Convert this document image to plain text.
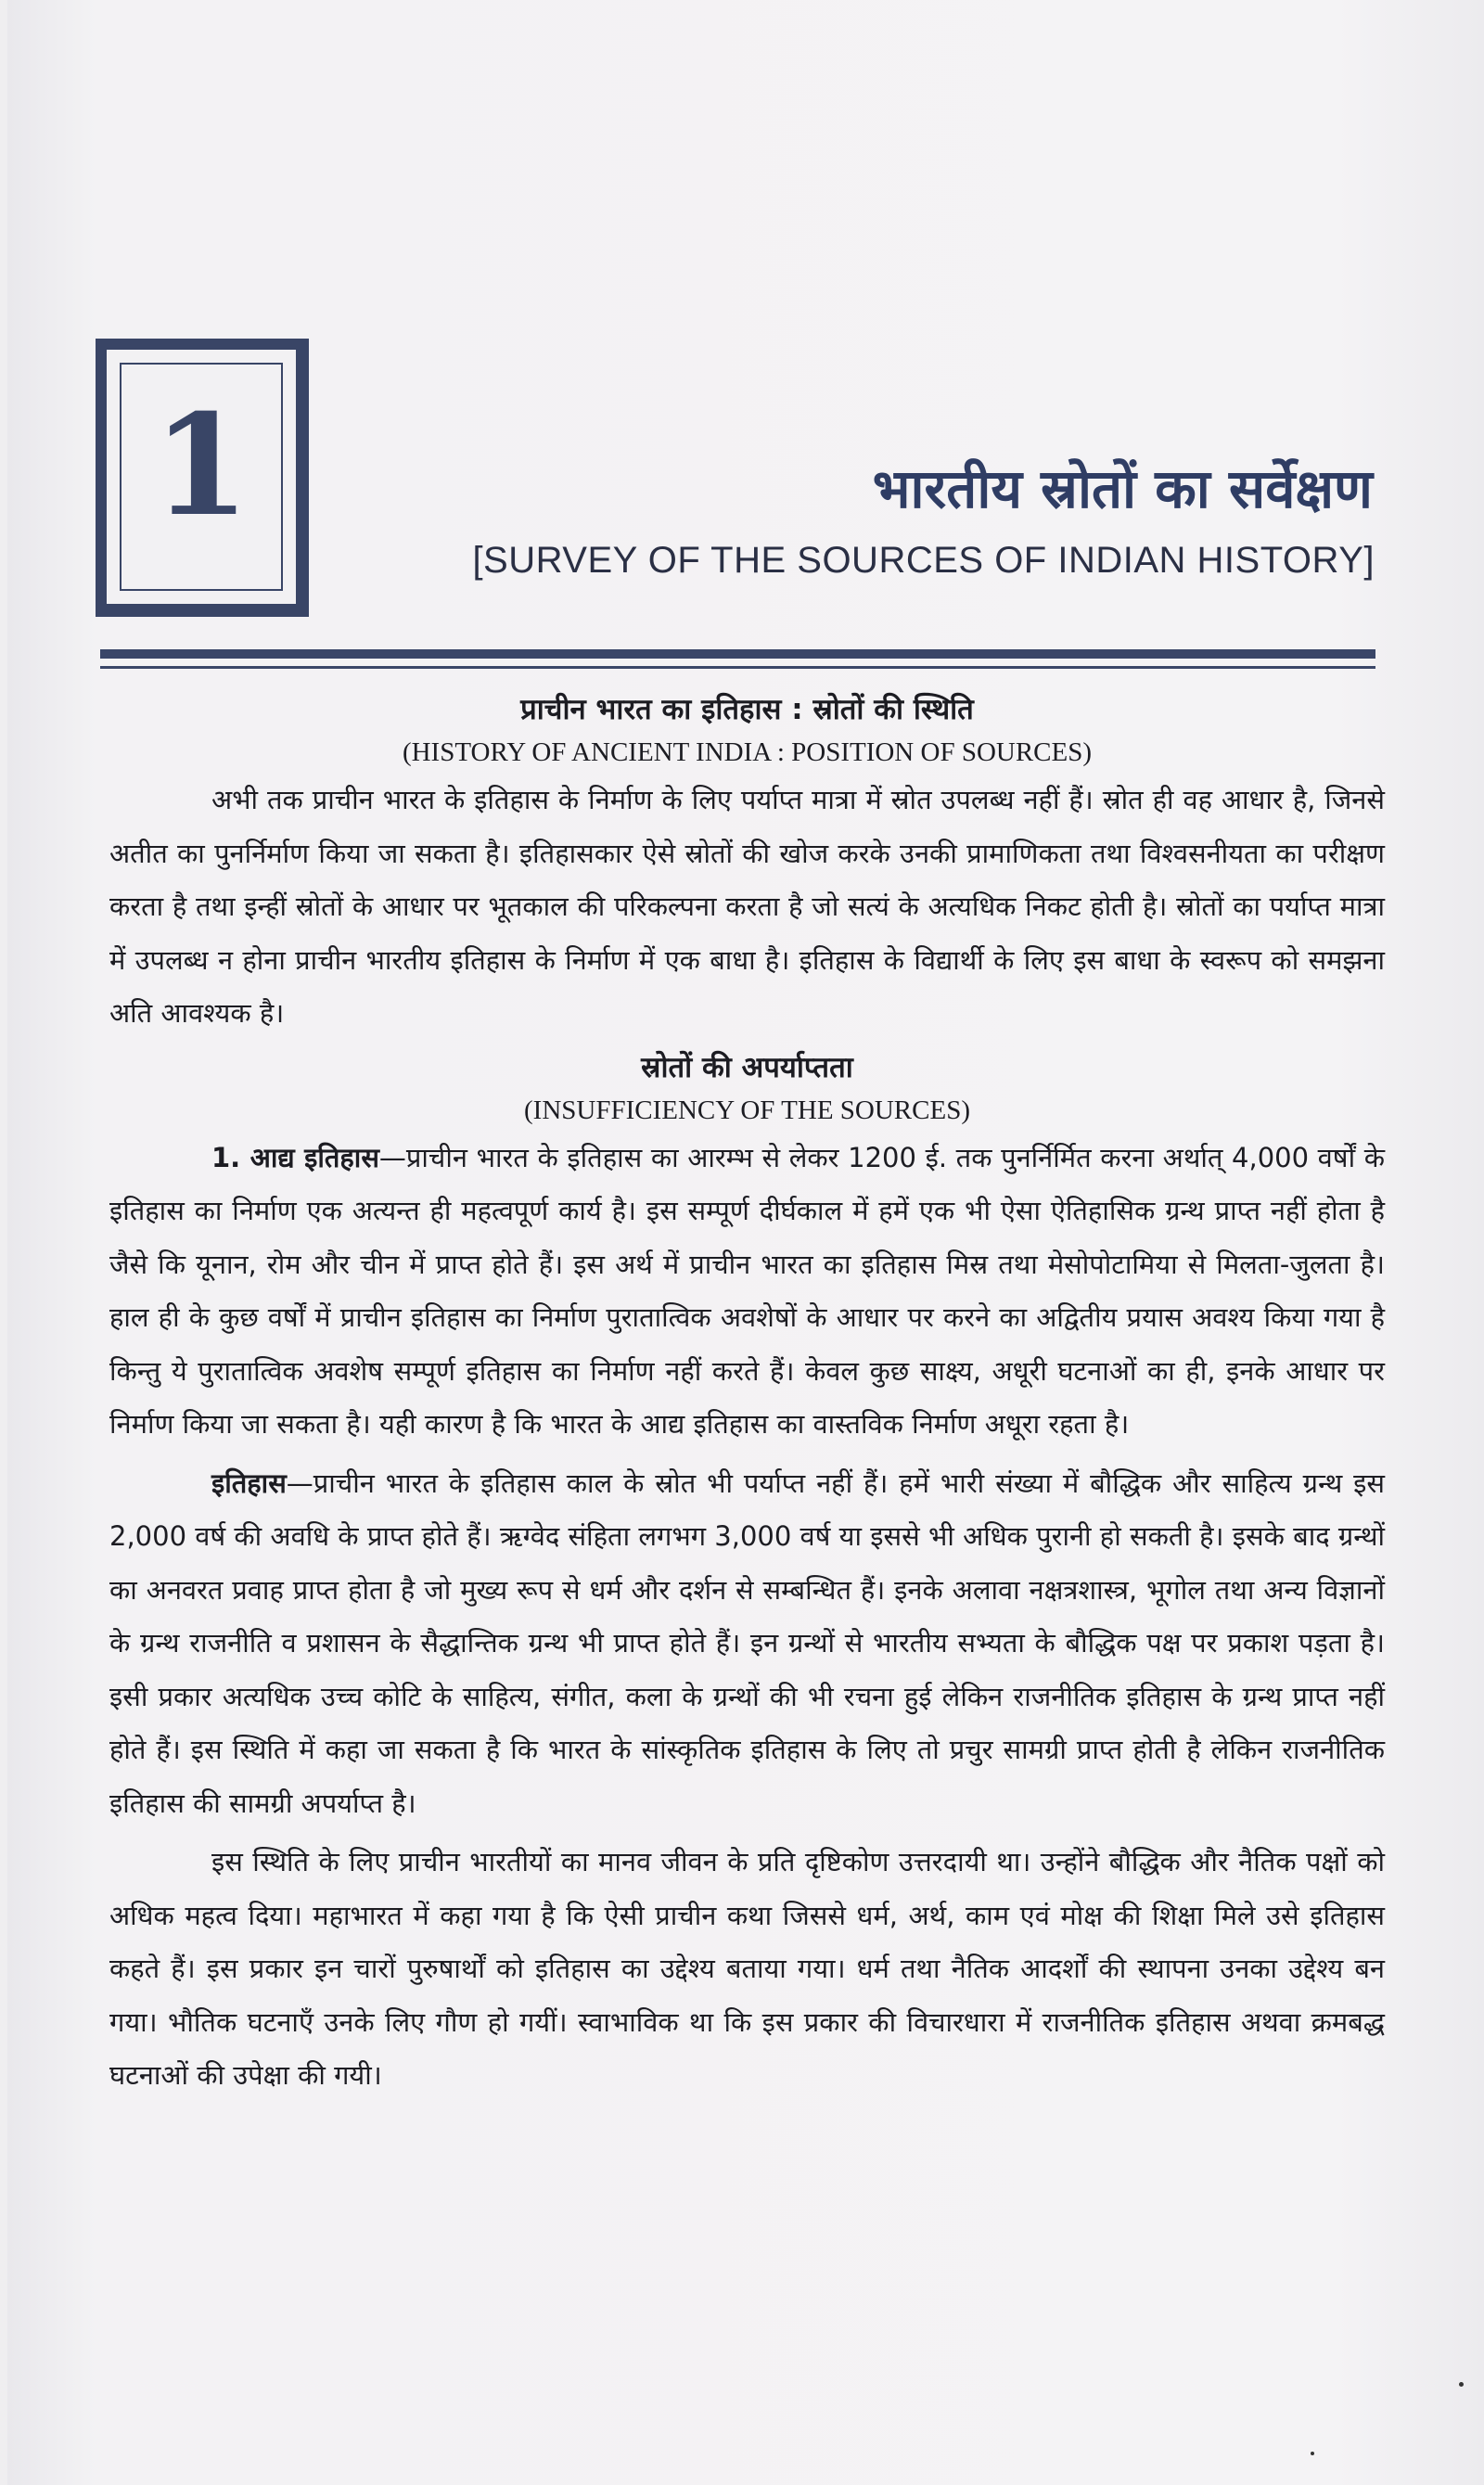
1	भारतीय स्रोतों का सर्वेक्षण
[SURVEY OF THE SOURCES OF INDIAN HISTORY]
प्राचीन भारत का इतिहास : स्रोतों की स्थिति
(HISTORY OF ANCIENT INDIA : POSITION OF SOURCES)

अभी तक प्राचीन भारत के इतिहास के निर्माण के लिए पर्याप्त मात्रा में स्रोत उपलब्ध नहीं हैं। स्रोत ही वह आधार है, जिनसे अतीत का पुनर्निर्माण किया जा सकता है। इतिहासकार ऐसे स्रोतों की खोज करके उनकी प्रामाणिकता तथा विश्वसनीयता का परीक्षण करता है तथा इन्हीं स्रोतों के आधार पर भूतकाल की परिकल्पना करता है जो सत्यं के अत्यधिक निकट होती है। स्रोतों का पर्याप्त मात्रा में उपलब्ध न होना प्राचीन भारतीय इतिहास के निर्माण में एक बाधा है। इतिहास के विद्यार्थी के लिए इस बाधा के स्वरूप को समझना अति आवश्यक है।

स्रोतों की अपर्याप्तता
(INSUFFICIENCY OF THE SOURCES)

1. आद्य इतिहास—प्राचीन भारत के इतिहास का आरम्भ से लेकर 1200 ई. तक पुनर्निर्मित करना अर्थात् 4,000 वर्षों के इतिहास का निर्माण एक अत्यन्त ही महत्वपूर्ण कार्य है। इस सम्पूर्ण दीर्घकाल में हमें एक भी ऐसा ऐतिहासिक ग्रन्थ प्राप्त नहीं होता है जैसे कि यूनान, रोम और चीन में प्राप्त होते हैं। इस अर्थ में प्राचीन भारत का इतिहास मिस्र तथा मेसोपोटामिया से मिलता-जुलता है। हाल ही के कुछ वर्षों में प्राचीन इतिहास का निर्माण पुरातात्विक अवशेषों के आधार पर करने का अद्वितीय प्रयास अवश्य किया गया है किन्तु ये पुरातात्विक अवशेष सम्पूर्ण इतिहास का निर्माण नहीं करते हैं। केवल कुछ साक्ष्य, अधूरी घटनाओं का ही, इनके आधार पर निर्माण किया जा सकता है। यही कारण है कि भारत के आद्य इतिहास का वास्तविक निर्माण अधूरा रहता है।

इतिहास—प्राचीन भारत के इतिहास काल के स्रोत भी पर्याप्त नहीं हैं। हमें भारी संख्या में बौद्धिक और साहित्य ग्रन्थ इस 2,000 वर्ष की अवधि के प्राप्त होते हैं। ऋग्वेद संहिता लगभग 3,000 वर्ष या इससे भी अधिक पुरानी हो सकती है। इसके बाद ग्रन्थों का अनवरत प्रवाह प्राप्त होता है जो मुख्य रूप से धर्म और दर्शन से सम्बन्धित हैं। इनके अलावा नक्षत्रशास्त्र, भूगोल तथा अन्य विज्ञानों के ग्रन्थ राजनीति व प्रशासन के सैद्धान्तिक ग्रन्थ भी प्राप्त होते हैं। इन ग्रन्थों से भारतीय सभ्यता के बौद्धिक पक्ष पर प्रकाश पड़ता है। इसी प्रकार अत्यधिक उच्च कोटि के साहित्य, संगीत, कला के ग्रन्थों की भी रचना हुई लेकिन राजनीतिक इतिहास के ग्रन्थ प्राप्त नहीं होते हैं। इस स्थिति में कहा जा सकता है कि भारत के सांस्कृतिक इतिहास के लिए तो प्रचुर सामग्री प्राप्त होती है लेकिन राजनीतिक इतिहास की सामग्री अपर्याप्त है।

इस स्थिति के लिए प्राचीन भारतीयों का मानव जीवन के प्रति दृष्टिकोण उत्तरदायी था। उन्होंने बौद्धिक और नैतिक पक्षों को अधिक महत्व दिया। महाभारत में कहा गया है कि ऐसी प्राचीन कथा जिससे धर्म, अर्थ, काम एवं मोक्ष की शिक्षा मिले उसे इतिहास कहते हैं। इस प्रकार इन चारों पुरुषार्थों को इतिहास का उद्देश्य बताया गया। धर्म तथा नैतिक आदर्शों की स्थापना उनका उद्देश्य बन गया। भौतिक घटनाएँ उनके लिए गौण हो गयीं। स्वाभाविक था कि इस प्रकार की विचारधारा में राजनीतिक इतिहास अथवा क्रमबद्ध घटनाओं की उपेक्षा की गयी।
